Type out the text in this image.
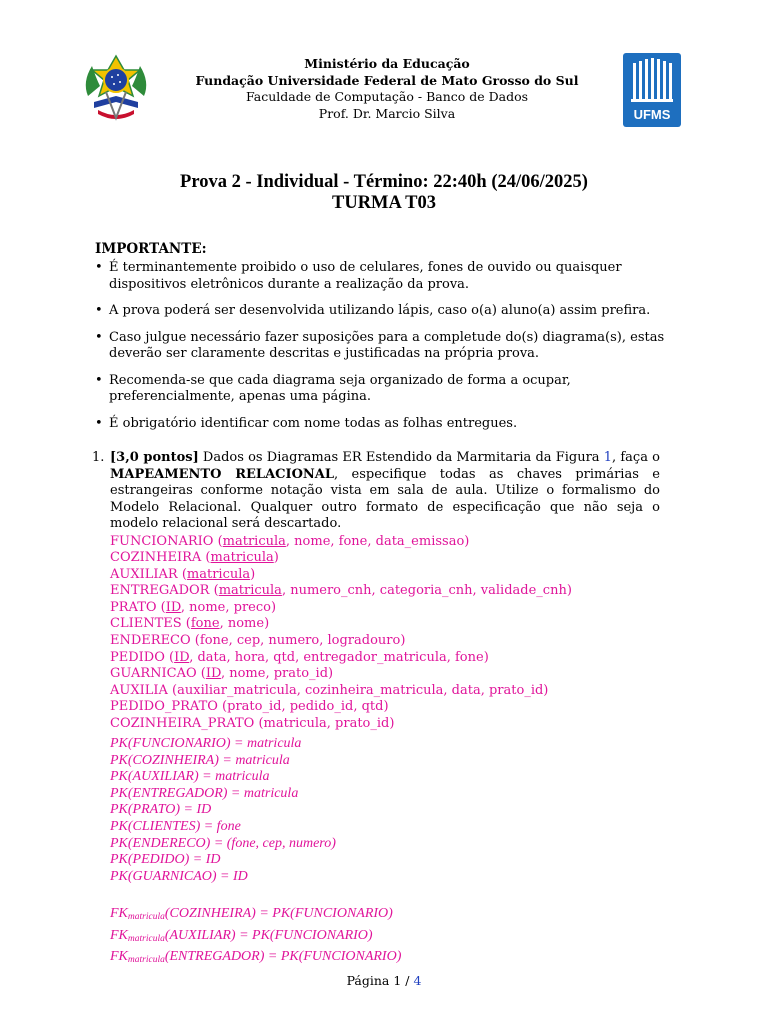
Ministério da Educação
Fundação Universidade Federal de Mato Grosso do Sul
Faculdade de Computação - Banco de Dados
Prof. Dr. Marcio Silva	UFMS
Prova 2 - Individual - Término: 22:40h (24/06/2025)
TURMA T03
IMPORTANTE:
• É terminantemente proibido o uso de celulares, fones de ouvido ou quaisquer dispositivos eletrônicos durante a realização da prova.
• A prova poderá ser desenvolvida utilizando lápis, caso o(a) aluno(a) assim prefira.
• Caso julgue necessário fazer suposições para a completude do(s) diagrama(s), estas deverão ser claramente descritas e justificadas na própria prova.
• Recomenda-se que cada diagrama seja organizado de forma a ocupar, preferencialmente, apenas uma página.
• É obrigatório identificar com nome todas as folhas entregues.
1. [3,0 pontos] Dados os Diagramas ER Estendido da Marmitaria da Figura 1, faça o MAPEAMENTO RELACIONAL, especifique todas as chaves primárias e estrangeiras conforme notação vista em sala de aula. Utilize o formalismo do Modelo Relacional. Qualquer outro formato de especificação que não seja o modelo relacional será descartado.
FUNCIONARIO (matricula, nome, fone, data_emissao)
COZINHEIRA (matricula)
AUXILIAR (matricula)
ENTREGADOR (matricula, numero_cnh, categoria_cnh, validade_cnh)
PRATO (ID, nome, preco)
CLIENTES (fone, nome)
ENDERECO (fone, cep, numero, logradouro)
PEDIDO (ID, data, hora, qtd, entregador_matricula, fone)
GUARNICAO (ID, nome, prato_id)
AUXILIA (auxiliar_matricula, cozinheira_matricula, data, prato_id)
PEDIDO_PRATO (prato_id, pedido_id, qtd)
COZINHEIRA_PRATO (matricula, prato_id)
PK(FUNCIONARIO) = matricula
PK(COZINHEIRA) = matricula
PK(AUXILIAR) = matricula
PK(ENTREGADOR) = matricula
PK(PRATO) = ID
PK(CLIENTES) = fone
PK(ENDERECO) = (fone, cep, numero)
PK(PEDIDO) = ID
PK(GUARNICAO) = ID
$FK_{matricula}(COZINHEIRA)$ = PK(FUNCIONARIO)
$FK_{matricula}(AUXILIAR)$ = PK(FUNCIONARIO)
$FK_{matricula}(ENTREGADOR)$ = PK(FUNCIONARIO)
Página 1 / 4
